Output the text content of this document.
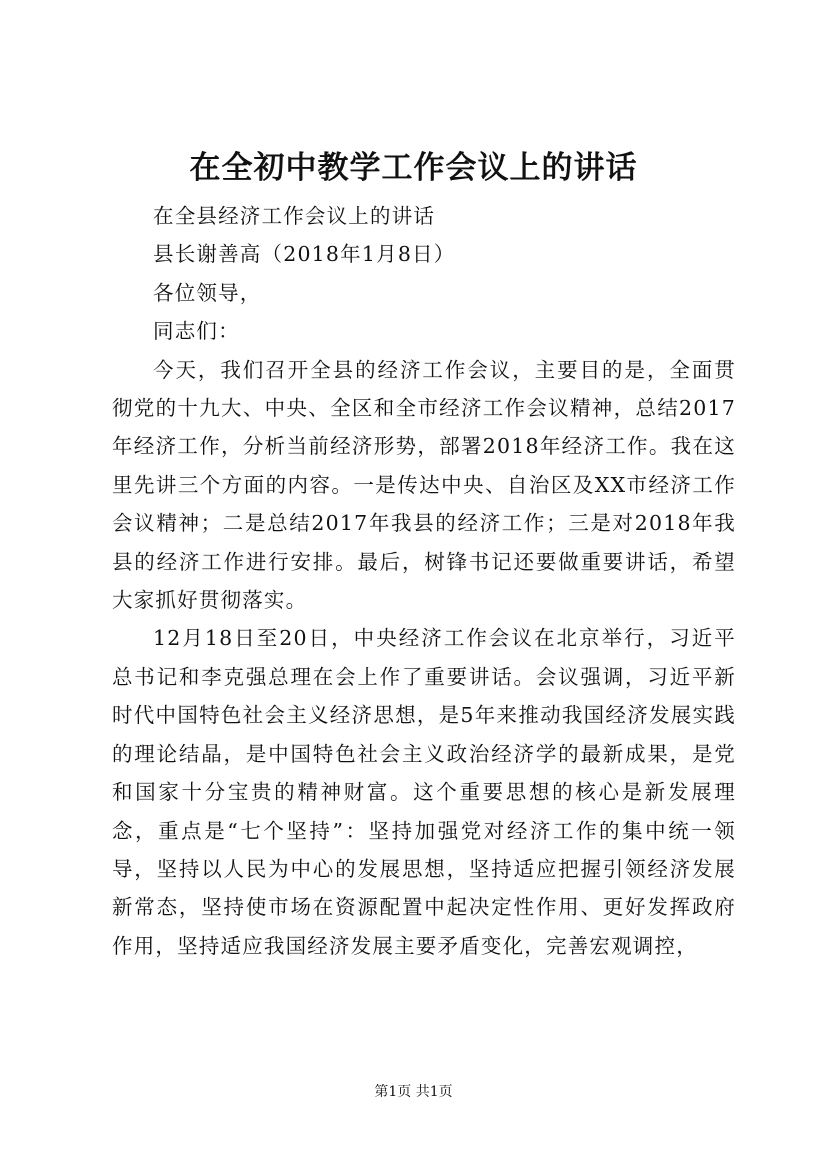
在全初中教学工作会议上的讲话

在全县经济工作会议上的讲话

县长谢善高（2018年1月8日）

各位领导，

同志们：

今天，我们召开全县的经济工作会议，主要目的是，全面贯彻党的十九大、中央、全区和全市经济工作会议精神，总结2017年经济工作，分析当前经济形势，部署2018年经济工作。我在这里先讲三个方面的内容。一是传达中央、自治区及XX市经济工作会议精神；二是总结2017年我县的经济工作；三是对2018年我县的经济工作进行安排。最后，树锋书记还要做重要讲话，希望大家抓好贯彻落实。

12月18日至20日，中央经济工作会议在北京举行，习近平总书记和李克强总理在会上作了重要讲话。会议强调，习近平新时代中国特色社会主义经济思想，是5年来推动我国经济发展实践的理论结晶，是中国特色社会主义政治经济学的最新成果，是党和国家十分宝贵的精神财富。这个重要思想的核心是新发展理念，重点是“七个坚持”：坚持加强党对经济工作的集中统一领导，坚持以人民为中心的发展思想，坚持适应把握引领经济发展新常态，坚持使市场在资源配置中起决定性作用、更好发挥政府作用，坚持适应我国经济发展主要矛盾变化，完善宏观调控，

第1页 共1页
